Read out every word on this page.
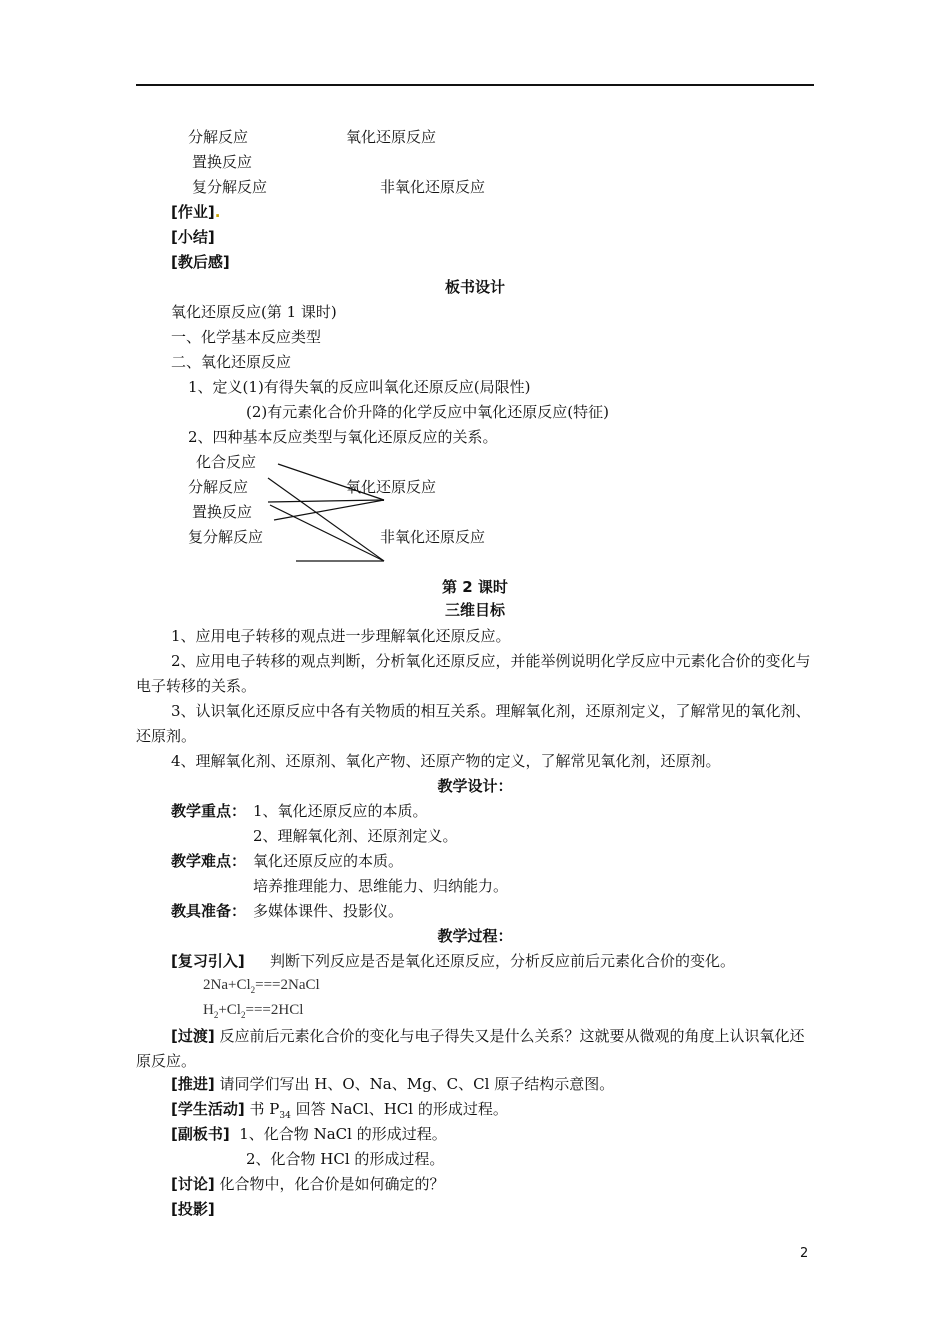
分解反应	氧化还原反应
置换反应
复分解反应	非氧化还原反应
[作业].
[小结]
[教后感]
板书设计
氧化还原反应(第 1 课时)
一、化学基本反应类型
二、氧化还原反应
1、定义(1)有得失氧的反应叫氧化还原反应(局限性)
(2)有元素化合价升降的化学反应中氧化还原反应(特征)
2、四种基本反应类型与氧化还原反应的关系。
化合反应
分解反应	氧化还原反应
置换反应
复分解反应	非氧化还原反应
第 2 课时
三维目标
1、应用电子转移的观点进一步理解氧化还原反应。
2、应用电子转移的观点判断，分析氧化还原反应，并能举例说明化学反应中元素化合价的变化与电子转移的关系。
3、认识氧化还原反应中各有关物质的相互关系。理解氧化剂，还原剂定义，了解常见的氧化剂、还原剂。
4、理解氧化剂、还原剂、氧化产物、还原产物的定义，了解常见氧化剂，还原剂。
教学设计：
教学重点： 1、氧化还原反应的本质。
2、理解氧化剂、还原剂定义。
教学难点： 氧化还原反应的本质。
培养推理能力、思维能力、归纳能力。
教具准备： 多媒体课件、投影仪。
教学过程：
[复习引入] 判断下列反应是否是氧化还原反应，分析反应前后元素化合价的变化。
$2Na+Cl_2===2NaCl$
$H_2+Cl_2===2HCl$
[过渡] 反应前后元素化合价的变化与电子得失又是什么关系？这就要从微观的角度上认识氧化还原反应。
[推进] 请同学们写出 H、O、Na、Mg、C、Cl 原子结构示意图。
[学生活动] 书 $P_{34}$ 回答 NaCl、HCl 的形成过程。
[副板书] 1、化合物 NaCl 的形成过程。
2、化合物 HCl 的形成过程。
[讨论] 化合物中，化合价是如何确定的？
[投影]
2
